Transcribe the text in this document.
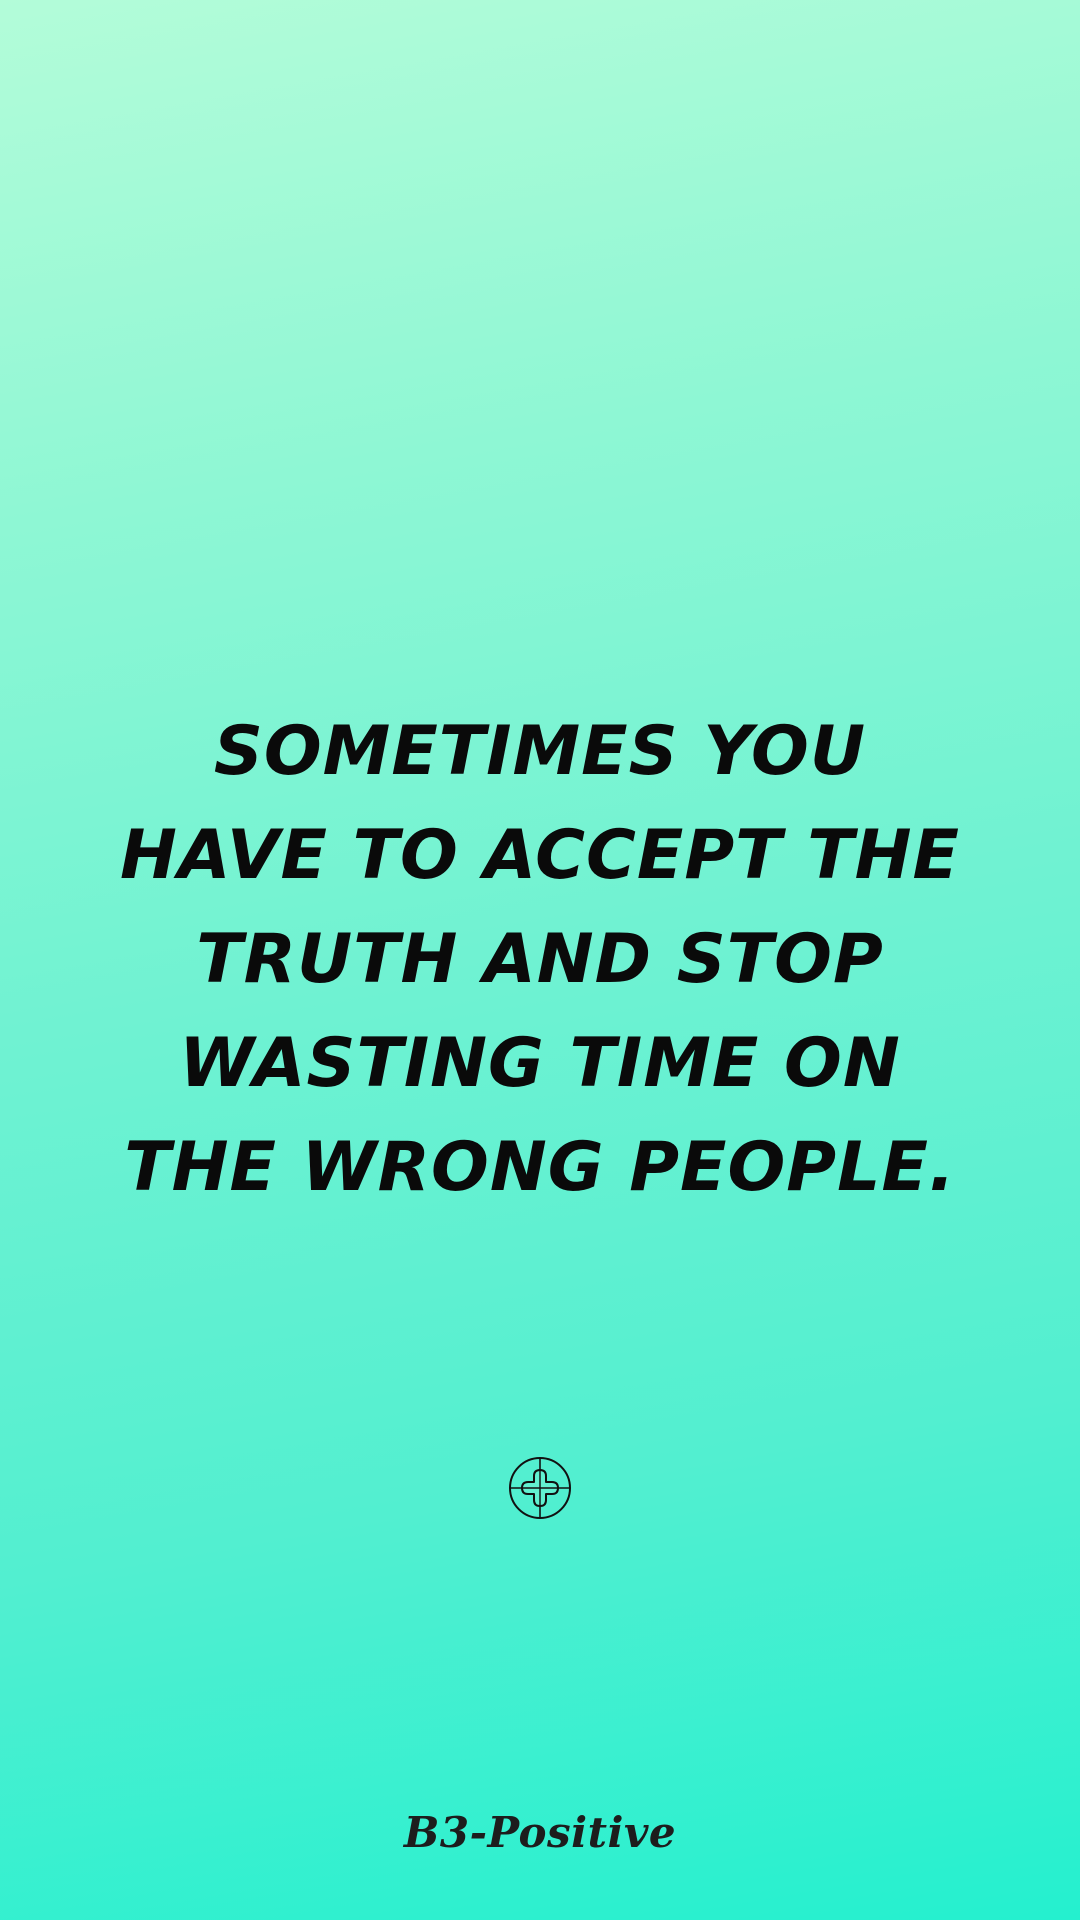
SOMETIMES YOU
HAVE TO ACCEPT THE
TRUTH AND STOP
WASTING TIME ON
THE WRONG PEOPLE.
B3-Positive
